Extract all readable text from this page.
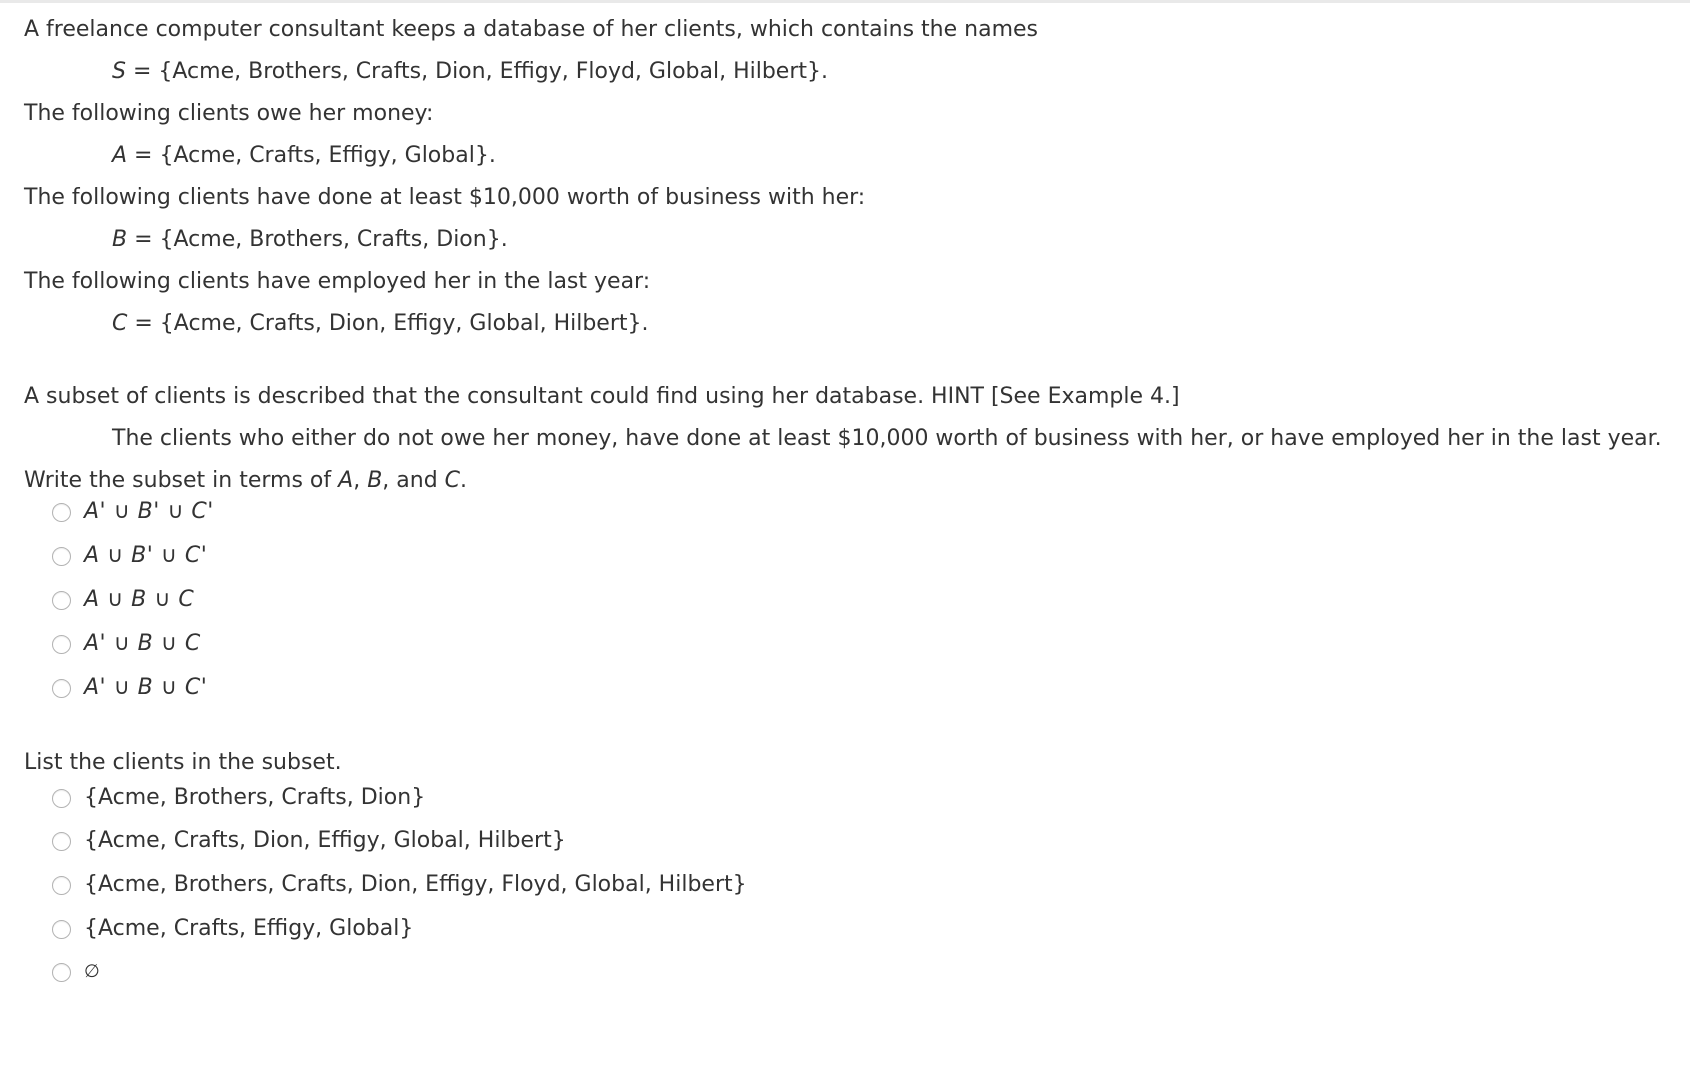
A freelance computer consultant keeps a database of her clients, which contains the names
S = {Acme, Brothers, Crafts, Dion, Effigy, Floyd, Global, Hilbert}.
The following clients owe her money:
A = {Acme, Crafts, Effigy, Global}.
The following clients have done at least $10,000 worth of business with her:
B = {Acme, Brothers, Crafts, Dion}.
The following clients have employed her in the last year:
C = {Acme, Crafts, Dion, Effigy, Global, Hilbert}.
A subset of clients is described that the consultant could find using her database. HINT [See Example 4.]
The clients who either do not owe her money, have done at least $10,000 worth of business with her, or have employed her in the last year.
Write the subset in terms of A, B, and C.
A' ∪ B' ∪ C'
A ∪ B' ∪ C'
A ∪ B ∪ C
A' ∪ B ∪ C
A' ∪ B ∪ C'
List the clients in the subset.
{Acme, Brothers, Crafts, Dion}
{Acme, Crafts, Dion, Effigy, Global, Hilbert}
{Acme, Brothers, Crafts, Dion, Effigy, Floyd, Global, Hilbert}
{Acme, Crafts, Effigy, Global}
∅
